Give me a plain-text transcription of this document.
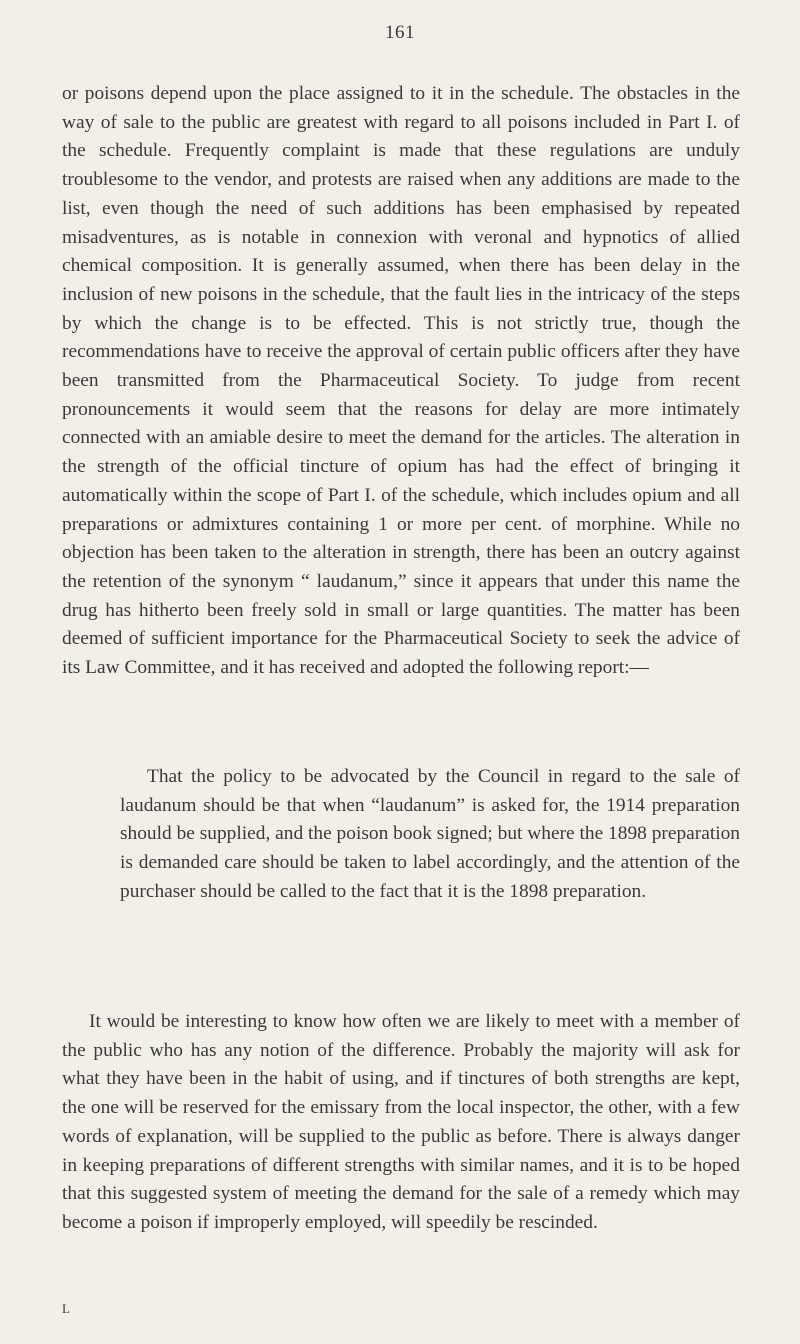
161

or poisons depend upon the place assigned to it in the schedule. The obstacles in the way of sale to the public are greatest with regard to all poisons included in Part I. of the schedule. Frequently complaint is made that these regulations are unduly troublesome to the vendor, and protests are raised when any additions are made to the list, even though the need of such additions has been emphasised by repeated misadventures, as is notable in connexion with veronal and hypnotics of allied chemical composition. It is generally assumed, when there has been delay in the inclusion of new poisons in the schedule, that the fault lies in the intricacy of the steps by which the change is to be effected. This is not strictly true, though the recommendations have to receive the approval of certain public officers after they have been transmitted from the Pharmaceutical Society. To judge from recent pronouncements it would seem that the reasons for delay are more intimately connected with an amiable desire to meet the demand for the articles. The alteration in the strength of the official tincture of opium has had the effect of bringing it automatically within the scope of Part I. of the schedule, which includes opium and all preparations or admixtures containing 1 or more per cent. of morphine. While no objection has been taken to the alteration in strength, there has been an outcry against the retention of the synonym “ laudanum,” since it appears that under this name the drug has hitherto been freely sold in small or large quantities. The matter has been deemed of sufficient importance for the Pharmaceutical Society to seek the advice of its Law Committee, and it has received and adopted the following report:—

That the policy to be advocated by the Council in regard to the sale of laudanum should be that when “laudanum” is asked for, the 1914 preparation should be supplied, and the poison book signed; but where the 1898 preparation is demanded care should be taken to label accordingly, and the attention of the purchaser should be called to the fact that it is the 1898 preparation.

It would be interesting to know how often we are likely to meet with a member of the public who has any notion of the difference. Probably the majority will ask for what they have been in the habit of using, and if tinctures of both strengths are kept, the one will be reserved for the emissary from the local inspector, the other, with a few words of explanation, will be supplied to the public as before. There is always danger in keeping preparations of different strengths with similar names, and it is to be hoped that this suggested system of meeting the demand for the sale of a remedy which may become a poison if improperly employed, will speedily be rescinded.

L
